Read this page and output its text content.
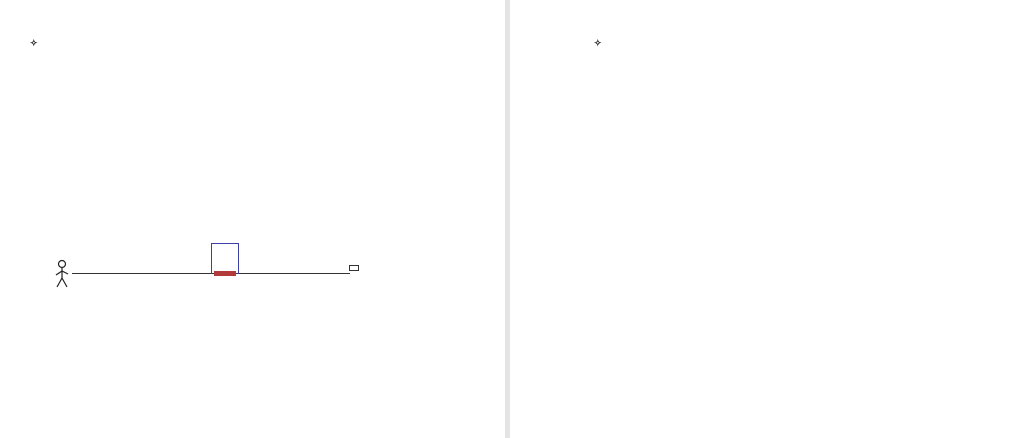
✧	✧
